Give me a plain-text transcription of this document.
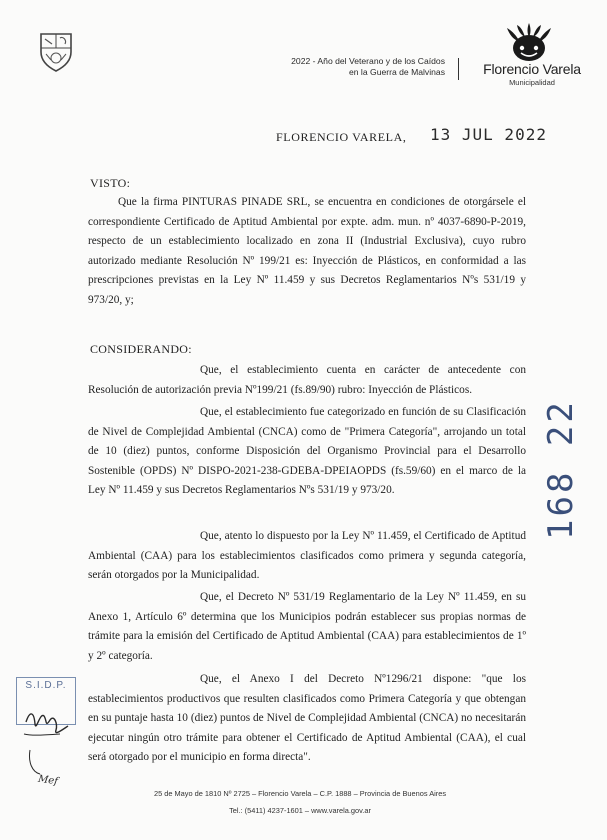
2022 - Año del Veterano y de los Caídos
en la Guerra de Malvinas	Florencio Varela
Municipalidad
FLORENCIO VARELA, 13 JUL 2022
VISTO:
Que la firma PINTURAS PINADE SRL, se encuentra en condiciones de otorgársele el correspondiente Certificado de Aptitud Ambiental por expte. adm. mun. nº 4037-6890-P-2019, respecto de un establecimiento localizado en zona II (Industrial Exclusiva), cuyo rubro autorizado mediante Resolución Nº 199/21 es: Inyección de Plásticos, en conformidad a las prescripciones previstas en la Ley Nº 11.459 y sus Decretos Reglamentarios Nºs 531/19 y 973/20, y;
CONSIDERANDO:
Que, el establecimiento cuenta en carácter de antecedente con Resolución de autorización previa Nº199/21 (fs.89/90) rubro: Inyección de Plásticos.
Que, el establecimiento fue categorizado en función de su Clasificación de Nivel de Complejidad Ambiental (CNCA) como de "Primera Categoría", arrojando un total de 10 (diez) puntos, conforme Disposición del Organismo Provincial para el Desarrollo Sostenible (OPDS) Nº DISPO-2021-238-GDEBA-DPEIAOPDS (fs.59/60) en el marco de la Ley Nº 11.459 y sus Decretos Reglamentarios Nºs 531/19 y 973/20.
Que, atento lo dispuesto por la Ley Nº 11.459, el Certificado de Aptitud Ambiental (CAA) para los establecimientos clasificados como primera y segunda categoría, serán otorgados por la Municipalidad.
Que, el Decreto Nº 531/19 Reglamentario de la Ley Nº 11.459, en su Anexo 1, Artículo 6º determina que los Municipios podrán establecer sus propias normas de trámite para la emisión del Certificado de Aptitud Ambiental (CAA) para establecimientos de 1º y 2º categoría.
Que, el Anexo I del Decreto Nº1296/21 dispone: "que los establecimientos productivos que resulten clasificados como Primera Categoría y que obtengan en su puntaje hasta 10 (diez) puntos de Nivel de Complejidad Ambiental (CNCA) no necesitarán ejecutar ningún otro trámite para obtener el Certificado de Aptitud Ambiental (CAA), el cual será otorgado por el municipio en forma directa".
168 22
S.I.D.P.
Mef
25 de Mayo de 1810 Nº 2725 – Florencio Varela – C.P. 1888 – Provincia de Buenos Aires
Tel.: (5411) 4237-1601 – www.varela.gov.ar
